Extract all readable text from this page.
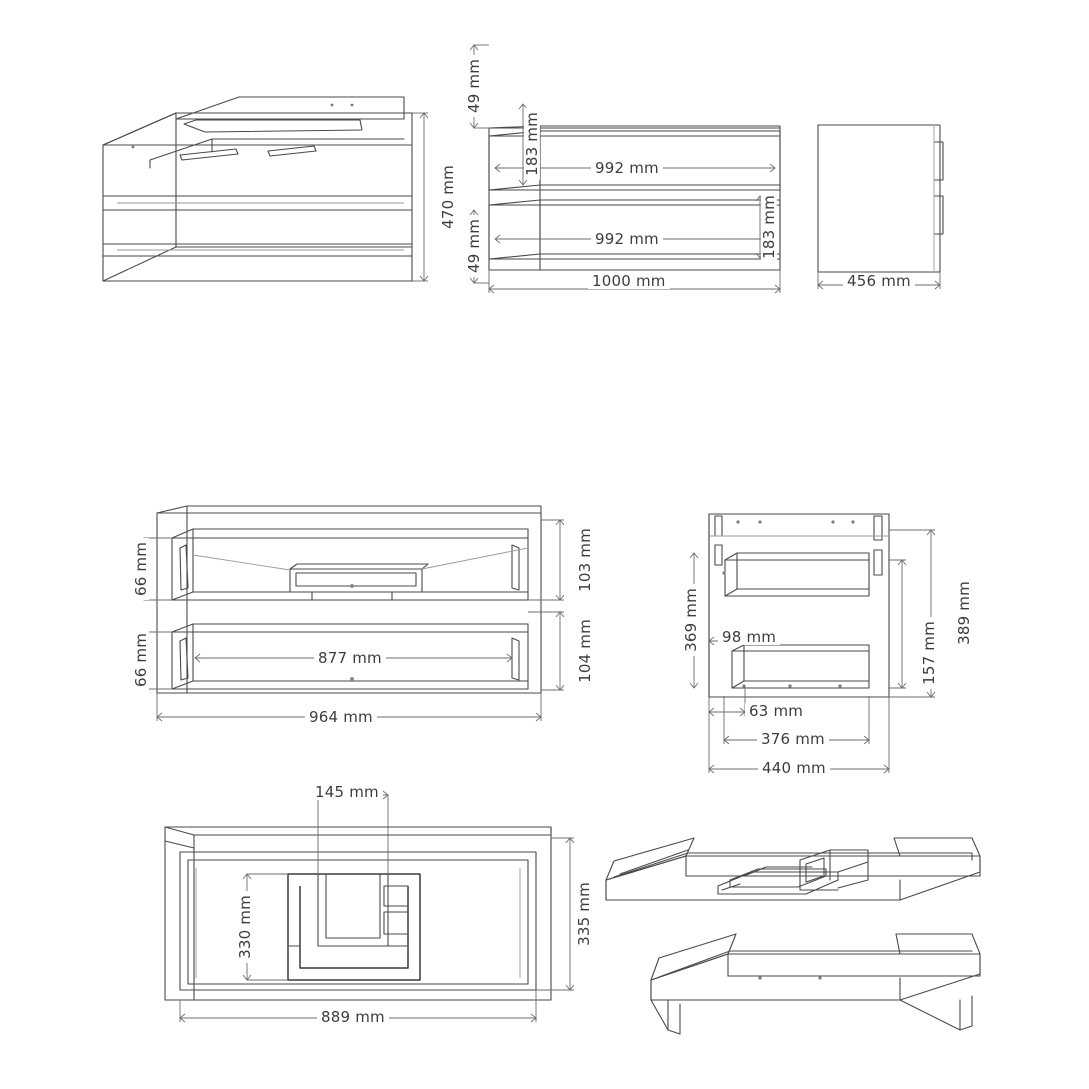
470 mm
49 mm
183 mm	992 mm
992 mm	183 mm
49 mm
1000 mm	456 mm
66 mm
66 mm
103 mm
104 mm
877 mm
964 mm
369 mm	389 mm
98 mm	157 mm
63 mm
376 mm
440 mm
145 mm
330 mm	335 mm
889 mm
